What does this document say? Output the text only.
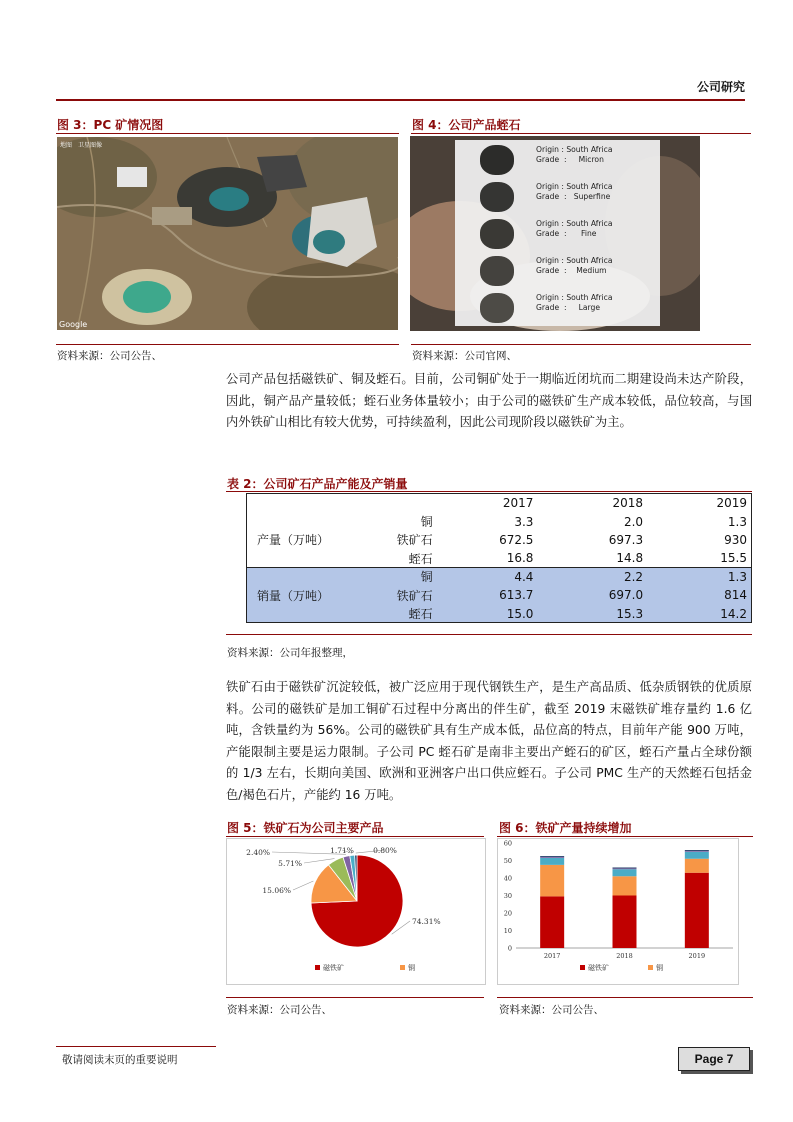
公司研究
图 3：PC 矿情况图
地图　卫星图像
Google
资料来源：公司公告、
图 4：公司产品蛭石
Origin : South Africa
Grade  :     Micron
Origin : South Africa
Grade  :   Superfine
Origin : South Africa
Grade  :      Fine
Origin : South Africa
Grade  :    Medium
Origin : South Africa
Grade  :     Large
资料来源：公司官网、
公司产品包括磁铁矿、铜及蛭石。目前，公司铜矿处于一期临近闭坑而二期建设尚未达产阶段，因此，铜产品产量较低；蛭石业务体量较小；由于公司的磁铁矿生产成本较低，品位较高，与国内外铁矿山相比有较大优势，可持续盈利，因此公司现阶段以磁铁矿为主。
表 2：公司矿石产品产能及产销量
		2017	2018	2019
	铜	3.3	2.0	1.3
产量（万吨）	铁矿石	672.5	697.3	930
	蛭石	16.8	14.8	15.5
	铜	4.4	2.2	1.3
销量（万吨）	铁矿石	613.7	697.0	814
	蛭石	15.0	15.3	14.2
资料来源：公司年报整理，
铁矿石由于磁铁矿沉淀较低，被广泛应用于现代钢铁生产，是生产高品质、低杂质钢铁的优质原料。公司的磁铁矿是加工铜矿石过程中分离出的伴生矿，截至 2019 末磁铁矿堆存量约 1.6 亿吨，含铁量约为 56%。公司的磁铁矿具有生产成本低，品位高的特点，目前年产能 900 万吨，产能限制主要是运力限制。子公司 PC 蛭石矿是南非主要出产蛭石的矿区，蛭石产量占全球份额的 1/3 左右，长期向美国、欧洲和亚洲客户出口供应蛭石。子公司 PMC 生产的天然蛭石包括金色/褐色石片，产能约 16 万吨。
图 5：铁矿石为公司主要产品
74.31%
15.06%
5.71%
2.40%	1.71%	0.80%
磁铁矿	铜
资料来源：公司公告、
图 6：铁矿产量持续增加
0
10
20
30
40
50
60
2017	2018	2019
磁铁矿	铜
资料来源：公司公告、
敬请阅读末页的重要说明	Page 7
